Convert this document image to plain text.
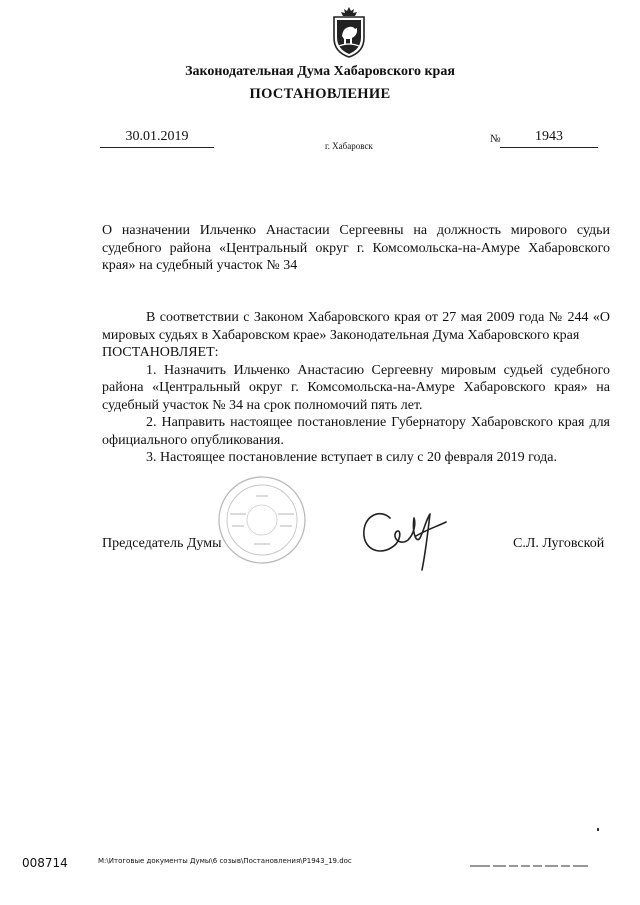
Законодательная Дума Хабаровского края
ПОСТАНОВЛЕНИЕ
30.01.2019
г. Хабаровск
№	1943
О назначении Ильченко Анастасии Сергеевны на должность мирового судьи судебного района «Центральный округ г. Комсомольска-на-Амуре Хабаровского края» на судебный участок № 34

В соответствии с Законом Хабаровского края от 27 мая 2009 года № 244 «О мировых судьях в Хабаровском крае» Законодательная Дума Хабаровского края

ПОСТАНОВЛЯЕТ:

1. Назначить Ильченко Анастасию Сергеевну мировым судьей судебного района «Центральный округ г. Комсомольска-на-Амуре Хабаровского края» на судебный участок № 34 на срок полномочий пять лет.

2. Направить настоящее постановление Губернатору Хабаровского края для официального опубликования.

3. Настоящее постановление вступает в силу с 20 февраля 2019 года.

Председатель Думы	С.Л. Луговской
008714	M:\Итоговые документы Думы\6 созыв\Постановления\Р1943_19.doc
